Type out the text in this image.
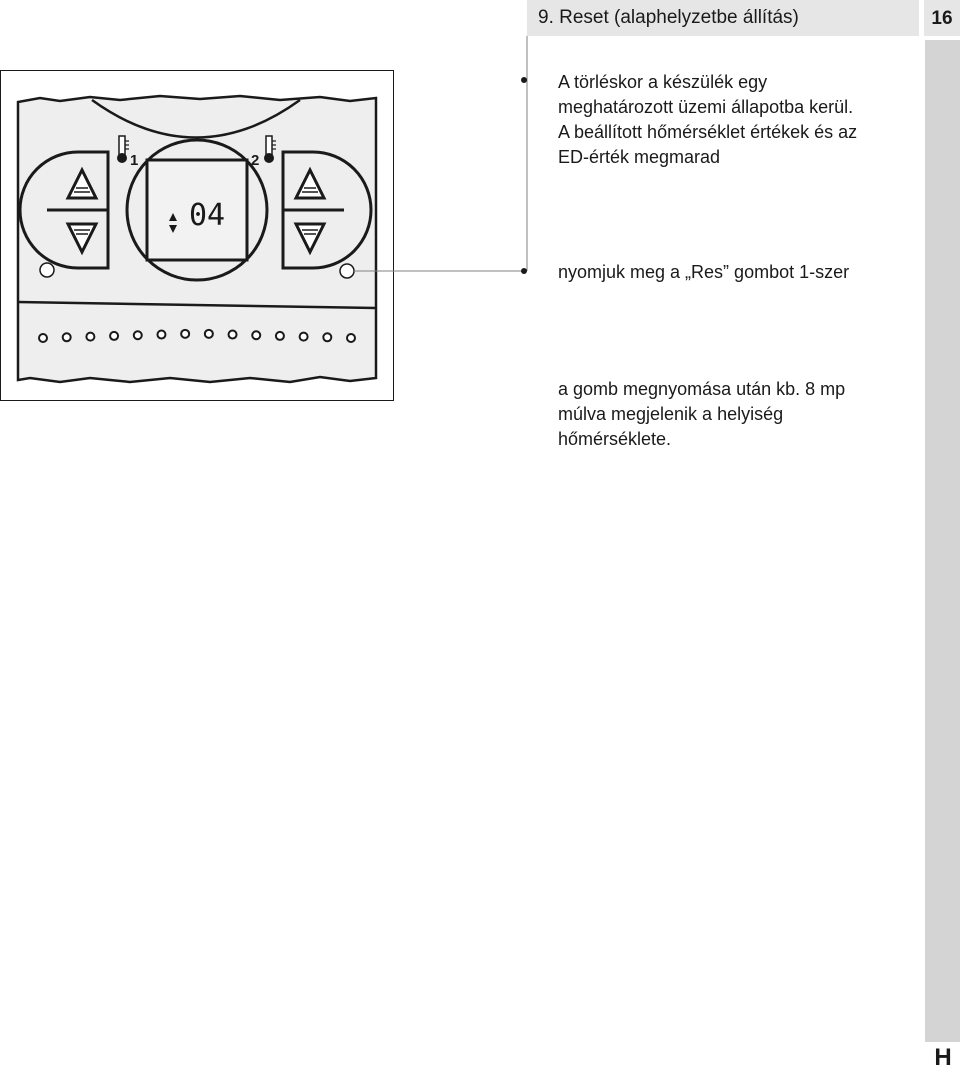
9. Reset (alaphelyzetbe állítás)	16
H
04
1	2
A törléskor a készülék egy
meghatározott üzemi állapotba kerül.
A beállított hőmérséklet értékek és az
ED-érték megmarad
nyomjuk meg a „Res” gombot 1-szer
a gomb megnyomása után kb. 8 mp
múlva megjelenik a helyiség
hőmérséklete.
